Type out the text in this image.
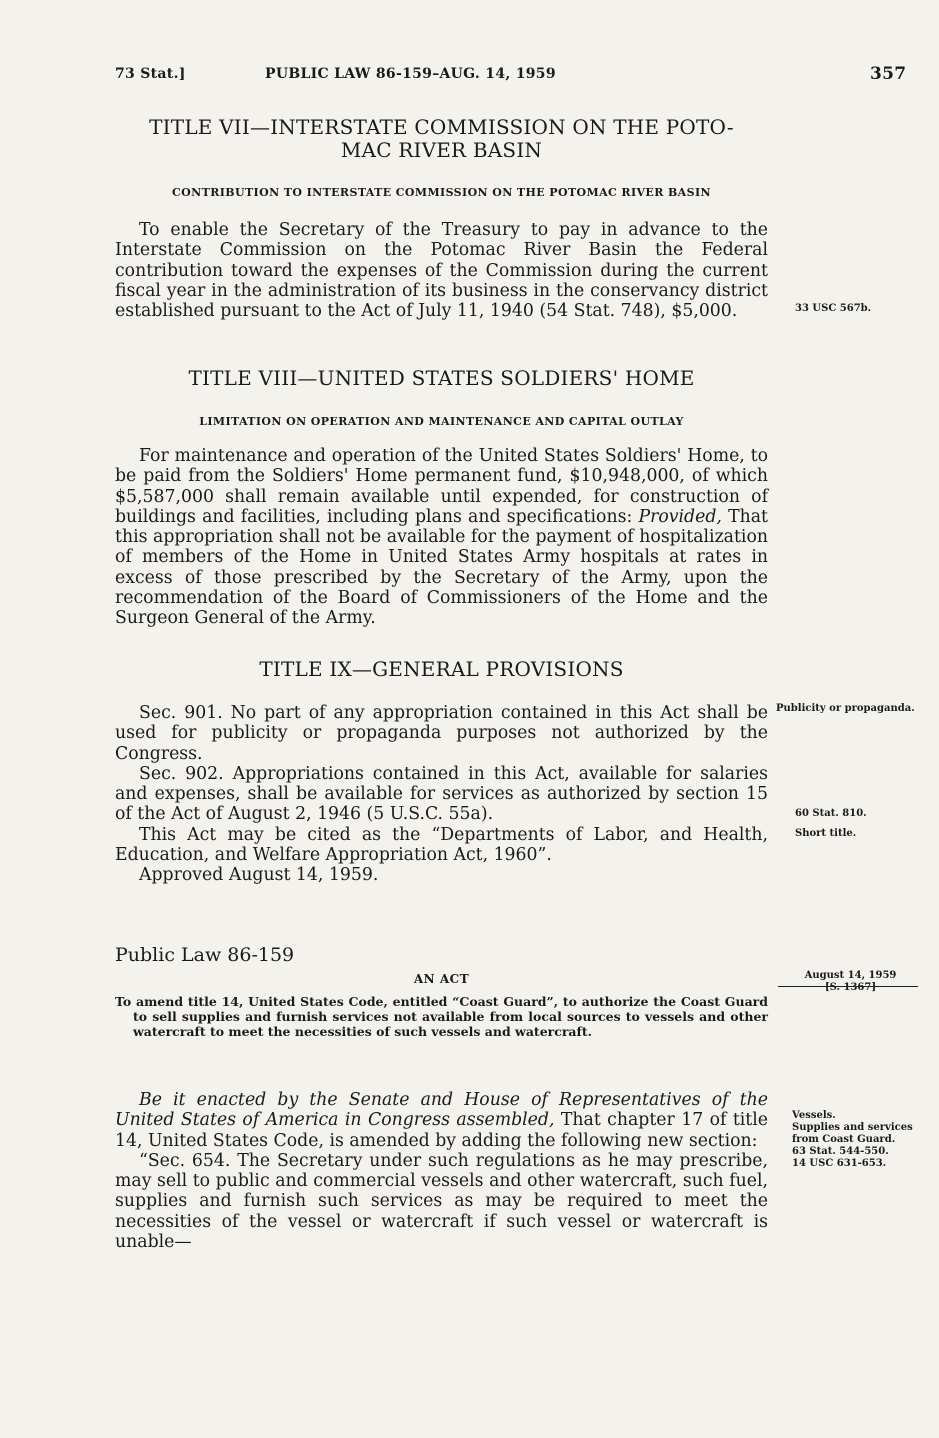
73 Stat.]	PUBLIC LAW 86-159–AUG. 14, 1959	357
TITLE VII—INTERSTATE COMMISSION ON THE POTO-
MAC RIVER BASIN
CONTRIBUTION TO INTERSTATE COMMISSION ON THE POTOMAC RIVER BASIN

To enable the Secretary of the Treasury to pay in advance to the Interstate Commission on the Potomac River Basin the Federal contribution toward the expenses of the Commission during the current fiscal year in the administration of its business in the conservancy district established pursuant to the Act of July 11, 1940 (54 Stat. 748), $5,000.	33 USC 567b.
TITLE VIII—UNITED STATES SOLDIERS' HOME
LIMITATION ON OPERATION AND MAINTENANCE AND CAPITAL OUTLAY

For maintenance and operation of the United States Soldiers' Home, to be paid from the Soldiers' Home permanent fund, $10,948,000, of which $5,587,000 shall remain available until expended, for construction of buildings and facilities, including plans and specifications: Provided, That this appropriation shall not be available for the payment of hospitalization of members of the Home in United States Army hospitals at rates in excess of those prescribed by the Secretary of the Army, upon the recommendation of the Board of Commissioners of the Home and the Surgeon General of the Army.

TITLE IX—GENERAL PROVISIONS

Sec. 901. No part of any appropriation contained in this Act shall be used for publicity or propaganda purposes not authorized by the Congress.

Sec. 902. Appropriations contained in this Act, available for salaries and expenses, shall be available for services as authorized by section 15 of the Act of August 2, 1946 (5 U.S.C. 55a).

This Act may be cited as the “Departments of Labor, and Health, Education, and Welfare Appropriation Act, 1960”.

Approved August 14, 1959.

Publicity or propaganda.
60 Stat. 810.
Short title.
Public Law 86-159
AN ACT

To amend title 14, United States Code, entitled “Coast Guard”, to authorize the Coast Guard to sell supplies and furnish services not available from local sources to vessels and other watercraft to meet the necessities of such vessels and watercraft.

August 14, 1959
[S. 1367]

Be it enacted by the Senate and House of Representatives of the United States of America in Congress assembled, That chapter 17 of title 14, United States Code, is amended by adding the following new section:

“Sec. 654. The Secretary under such regulations as he may prescribe, may sell to public and commercial vessels and other watercraft, such fuel, supplies and furnish such services as may be required to meet the necessities of the vessel or watercraft if such vessel or watercraft is unable—

Vessels.
Supplies and services from Coast Guard.
63 Stat. 544-550.
14 USC 631-653.
